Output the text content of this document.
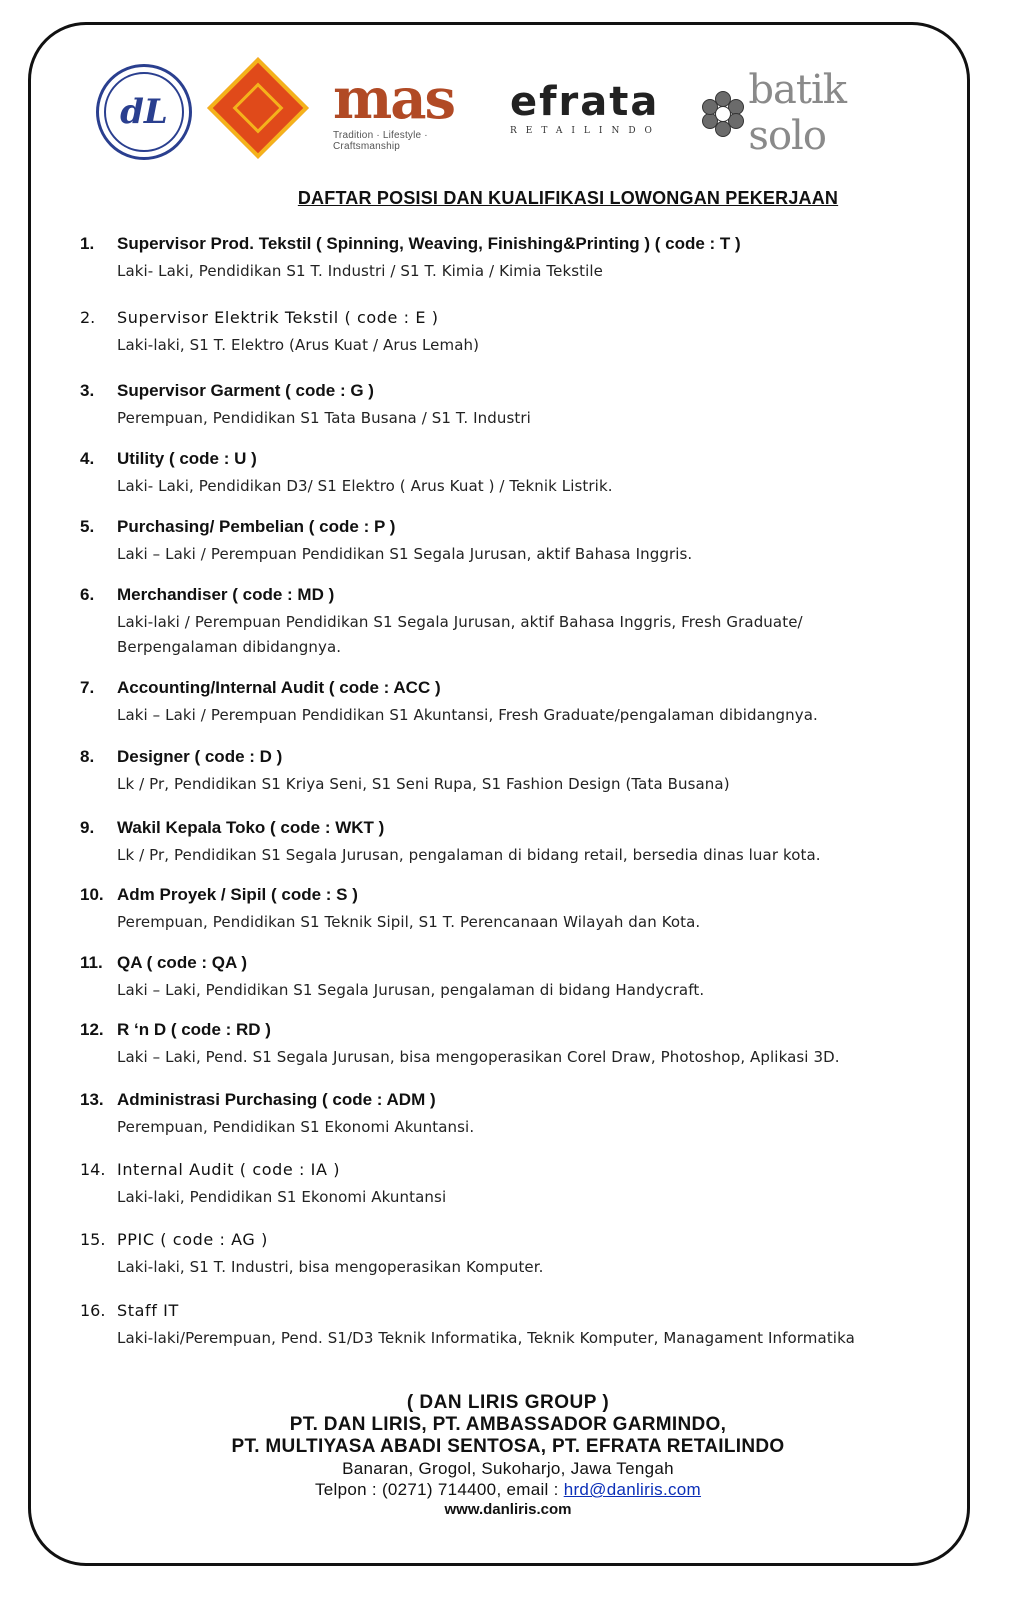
dL	mas
Tradition · Lifestyle · Craftsmanship
efrata
RETAILINDO
batik solo
DAFTAR POSISI DAN KUALIFIKASI LOWONGAN PEKERJAAN
1. Supervisor Prod. Tekstil ( Spinning, Weaving, Finishing&Printing ) ( code : T )
Laki- Laki, Pendidikan S1 T. Industri / S1 T. Kimia / Kimia Tekstile
2. Supervisor Elektrik Tekstil ( code : E )
Laki-laki, S1 T. Elektro (Arus Kuat / Arus Lemah)
3. Supervisor Garment ( code : G )
Perempuan, Pendidikan S1 Tata Busana / S1 T. Industri
4. Utility ( code : U )
Laki- Laki, Pendidikan D3/ S1 Elektro ( Arus Kuat ) / Teknik Listrik.
5. Purchasing/ Pembelian ( code : P )
Laki – Laki / Perempuan Pendidikan S1 Segala Jurusan, aktif Bahasa Inggris.
6. Merchandiser ( code : MD )
Laki-laki / Perempuan Pendidikan S1 Segala Jurusan, aktif Bahasa Inggris, Fresh Graduate/ Berpengalaman dibidangnya.
7. Accounting/Internal Audit ( code : ACC )
Laki – Laki / Perempuan Pendidikan S1 Akuntansi, Fresh Graduate/pengalaman dibidangnya.
8. Designer ( code : D )
Lk / Pr, Pendidikan S1 Kriya Seni, S1 Seni Rupa, S1 Fashion Design (Tata Busana)
9. Wakil Kepala Toko ( code : WKT )
Lk / Pr, Pendidikan S1 Segala Jurusan, pengalaman di bidang retail, bersedia dinas luar kota.
10. Adm Proyek / Sipil ( code : S )
Perempuan, Pendidikan S1 Teknik Sipil, S1 T. Perencanaan Wilayah dan Kota.
11. QA ( code : QA )
Laki – Laki, Pendidikan S1 Segala Jurusan, pengalaman di bidang Handycraft.
12. R ‘n D ( code : RD )
Laki – Laki, Pend. S1 Segala Jurusan, bisa mengoperasikan Corel Draw, Photoshop, Aplikasi 3D.
13. Administrasi Purchasing ( code : ADM )
Perempuan, Pendidikan S1 Ekonomi Akuntansi.
14. Internal Audit ( code : IA )
Laki-laki, Pendidikan S1 Ekonomi Akuntansi
15. PPIC ( code : AG )
Laki-laki, S1 T. Industri, bisa mengoperasikan Komputer.
16. Staff IT
Laki-laki/Perempuan, Pend. S1/D3 Teknik Informatika, Teknik Komputer, Managament Informatika
( DAN LIRIS GROUP )
PT. DAN LIRIS, PT. AMBASSADOR GARMINDO,
PT. MULTIYASA ABADI SENTOSA, PT. EFRATA RETAILINDO
Banaran, Grogol, Sukoharjo, Jawa Tengah
Telpon : (0271) 714400, email : hrd@danliris.com
www.danliris.com
